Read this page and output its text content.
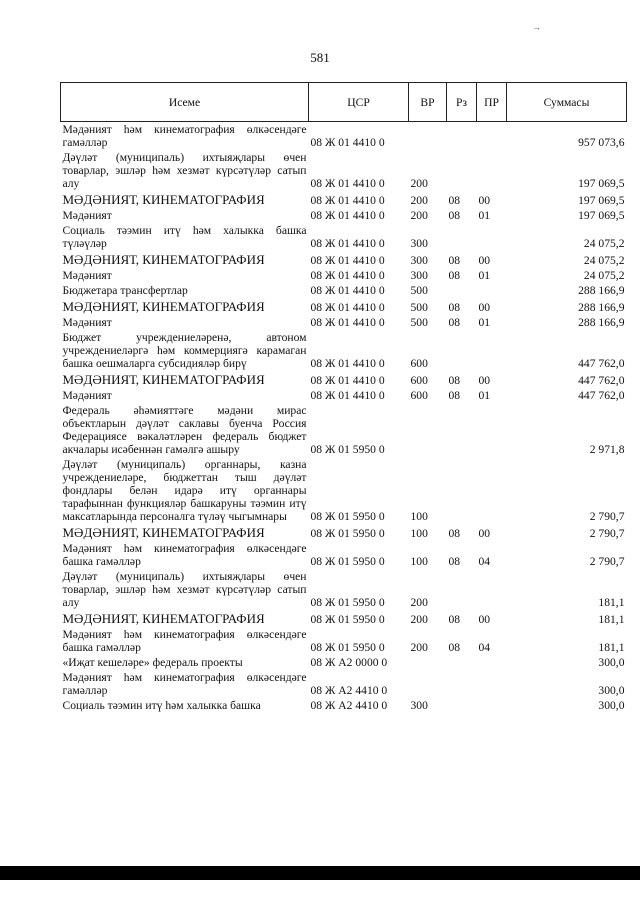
→
581
Исеме	ЦСР	ВР	Рз	ПР	Суммасы
Мәдәният һәм кинематография өлкәсендәге гамәлләр	08 Ж 01 4410 0				957 073,6
Дәүләт (муниципаль) ихтыяҗлары өчен товарлар, эшләр һәм хезмәт күрсәтүләр сатып алу	08 Ж 01 4410 0	200			197 069,5
МӘДӘНИЯТ, КИНЕМАТОГРАФИЯ	08 Ж 01 4410 0	200	08	00	197 069,5
Мәдәният	08 Ж 01 4410 0	200	08	01	197 069,5
Социаль тәэмин итү һәм халыкка башка түләүләр	08 Ж 01 4410 0	300			24 075,2
МӘДӘНИЯТ, КИНЕМАТОГРАФИЯ	08 Ж 01 4410 0	300	08	00	24 075,2
Мәдәният	08 Ж 01 4410 0	300	08	01	24 075,2
Бюджетара трансфертлар	08 Ж 01 4410 0	500			288 166,9
МӘДӘНИЯТ, КИНЕМАТОГРАФИЯ	08 Ж 01 4410 0	500	08	00	288 166,9
Мәдәният	08 Ж 01 4410 0	500	08	01	288 166,9
Бюджет учреждениеләренә, автоном учреждениеләргә һәм коммерциягә карамаган башка оешмаларга субсидияләр бирү	08 Ж 01 4410 0	600			447 762,0
МӘДӘНИЯТ, КИНЕМАТОГРАФИЯ	08 Ж 01 4410 0	600	08	00	447 762,0
Мәдәният	08 Ж 01 4410 0	600	08	01	447 762,0
Федераль әһәмияттәге мәдәни мирас объектларын дәүләт саклавы буенча Россия Федерациясе вәкаләтләрен федераль бюджет акчалары исәбеннән гамәлгә ашыру	08 Ж 01 5950 0				2 971,8
Дәүләт (муниципаль) органнары, казна учреждениеләре, бюджеттан тыш дәүләт фондлары белән идарә итү органнары тарафыннан функцияләр башкаруны тәэмин итү максатларында персоналга түләү чыгымнары	08 Ж 01 5950 0	100			2 790,7
МӘДӘНИЯТ, КИНЕМАТОГРАФИЯ	08 Ж 01 5950 0	100	08	00	2 790,7
Мәдәният һәм кинематография өлкәсендәге башка гамәлләр	08 Ж 01 5950 0	100	08	04	2 790,7
Дәүләт (муниципаль) ихтыяҗлары өчен товарлар, эшләр һәм хезмәт күрсәтүләр сатып алу	08 Ж 01 5950 0	200			181,1
МӘДӘНИЯТ, КИНЕМАТОГРАФИЯ	08 Ж 01 5950 0	200	08	00	181,1
Мәдәният һәм кинематография өлкәсендәге башка гамәлләр	08 Ж 01 5950 0	200	08	04	181,1
«Иҗат кешеләре» федераль проекты	08 Ж А2 0000 0				300,0
Мәдәният һәм кинематография өлкәсендәге гамәлләр	08 Ж А2 4410 0				300,0
Социаль тәэмин итү һәм халыкка башка	08 Ж А2 4410 0	300			300,0
